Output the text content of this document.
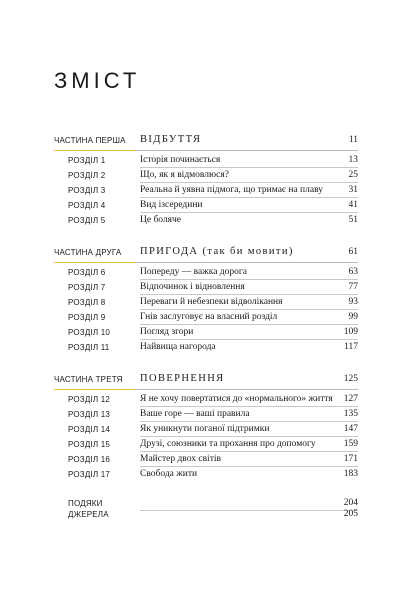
ЗМІСТ
ЧАСТИНА ПЕРША ВІДБУТТЯ	11
РОЗДІЛ 1	Історія починається	13
РОЗДІЛ 2	Що, як я відмовлюся?	25
РОЗДІЛ 3	Реальна й уявна підмога, що тримає на плаву	31
РОЗДІЛ 4	Вид ізсередини	41
РОЗДІЛ 5	Це боляче	51
ЧАСТИНА ДРУГА ПРИГОДА (так би мовити)	61
РОЗДІЛ 6	Попереду — важка дорога	63
РОЗДІЛ 7	Відпочинок і відновлення	77
РОЗДІЛ 8	Переваги й небезпеки відволікання	93
РОЗДІЛ 9	Гнів заслуговує на власний розділ	99
РОЗДІЛ 10	Погляд згори	109
РОЗДІЛ 11	Найвища нагорода	117
ЧАСТИНА ТРЕТЯ ПОВЕРНЕННЯ	125
РОЗДІЛ 12	Я не хочу повертатися до «нормального» життя 127
РОЗДІЛ 13	Ваше горе — ваші правила	135
РОЗДІЛ 14	Як уникнути поганої підтримки	147
РОЗДІЛ 15	Друзі, союзники та прохання про допомогу	159
РОЗДІЛ 16	Майстер двох світів	171
РОЗДІЛ 17	Свобода жити	183
ПОДЯКИ	204
ДЖЕРЕЛА	205
